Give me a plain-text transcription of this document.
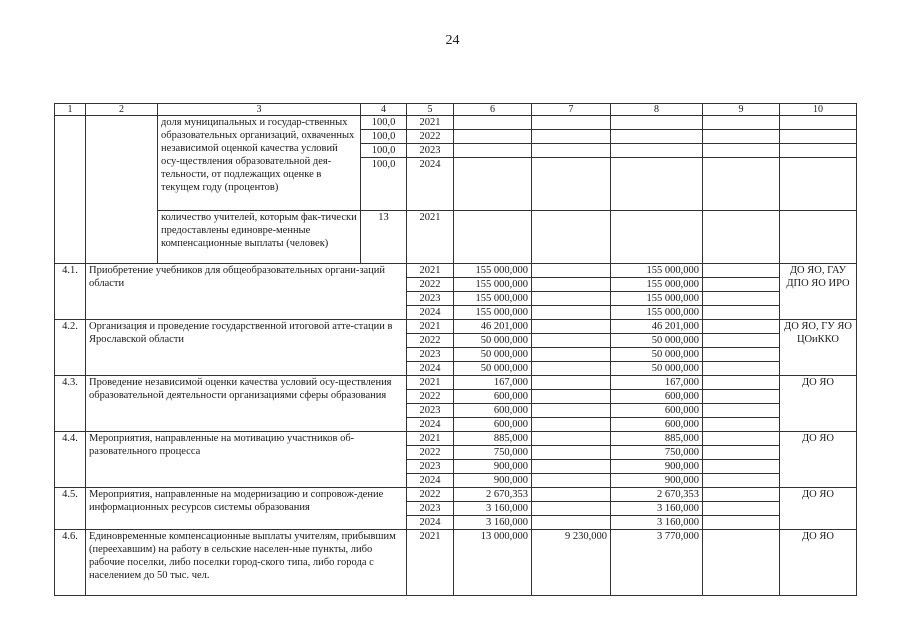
24
1	2	3	4	5	6	7	8	9	10
		доля муниципальных и государ-ственных образовательных организаций, охваченных независимой оценкой качества условий осу-ществления образовательной дея-тельности, от подлежащих оценке в текущем году (процентов)	100,0	2021					
			100,0	2022					
			100,0	2023					
			100,0	2024					
		количество учителей, которым фак-тически предоставлены единовре-менные компенсационные выплаты (человек)	13	2021					
4.1.	Приобретение учебников для общеобразовательных органи-заций области			2021	155 000,000		155 000,000		ДО ЯО, ГАУ ДПО ЯО ИРО
				2022	155 000,000		155 000,000		
				2023	155 000,000		155 000,000		
				2024	155 000,000		155 000,000		
4.2.	Организация и проведение государственной итоговой атте-стации в Ярославской области			2021	46 201,000		46 201,000		ДО ЯО, ГУ ЯО ЦОиККО
				2022	50 000,000		50 000,000		
				2023	50 000,000		50 000,000		
				2024	50 000,000		50 000,000		
4.3.	Проведение независимой оценки качества условий осу-ществления образовательной деятельности организациями сферы образования			2021	167,000		167,000		ДО ЯО
				2022	600,000		600,000		
				2023	600,000		600,000		
				2024	600,000		600,000		
4.4.	Мероприятия, направленные на мотивацию участников об-разовательного процесса			2021	885,000		885,000		ДО ЯО
				2022	750,000		750,000		
				2023	900,000		900,000		
				2024	900,000		900,000		
4.5.	Мероприятия, направленные на модернизацию и сопровож-дение информационных ресурсов системы образования			2022	2 670,353		2 670,353		ДО ЯО
				2023	3 160,000		3 160,000		
				2024	3 160,000		3 160,000		
4.6.	Единовременные компенсационные выплаты учителям, прибывшим (переехавшим) на работу в сельские населен-ные пункты, либо рабочие поселки, либо поселки город-ского типа, либо города с населением до 50 тыс. чел.			2021	13 000,000	9 230,000	3 770,000		ДО ЯО
